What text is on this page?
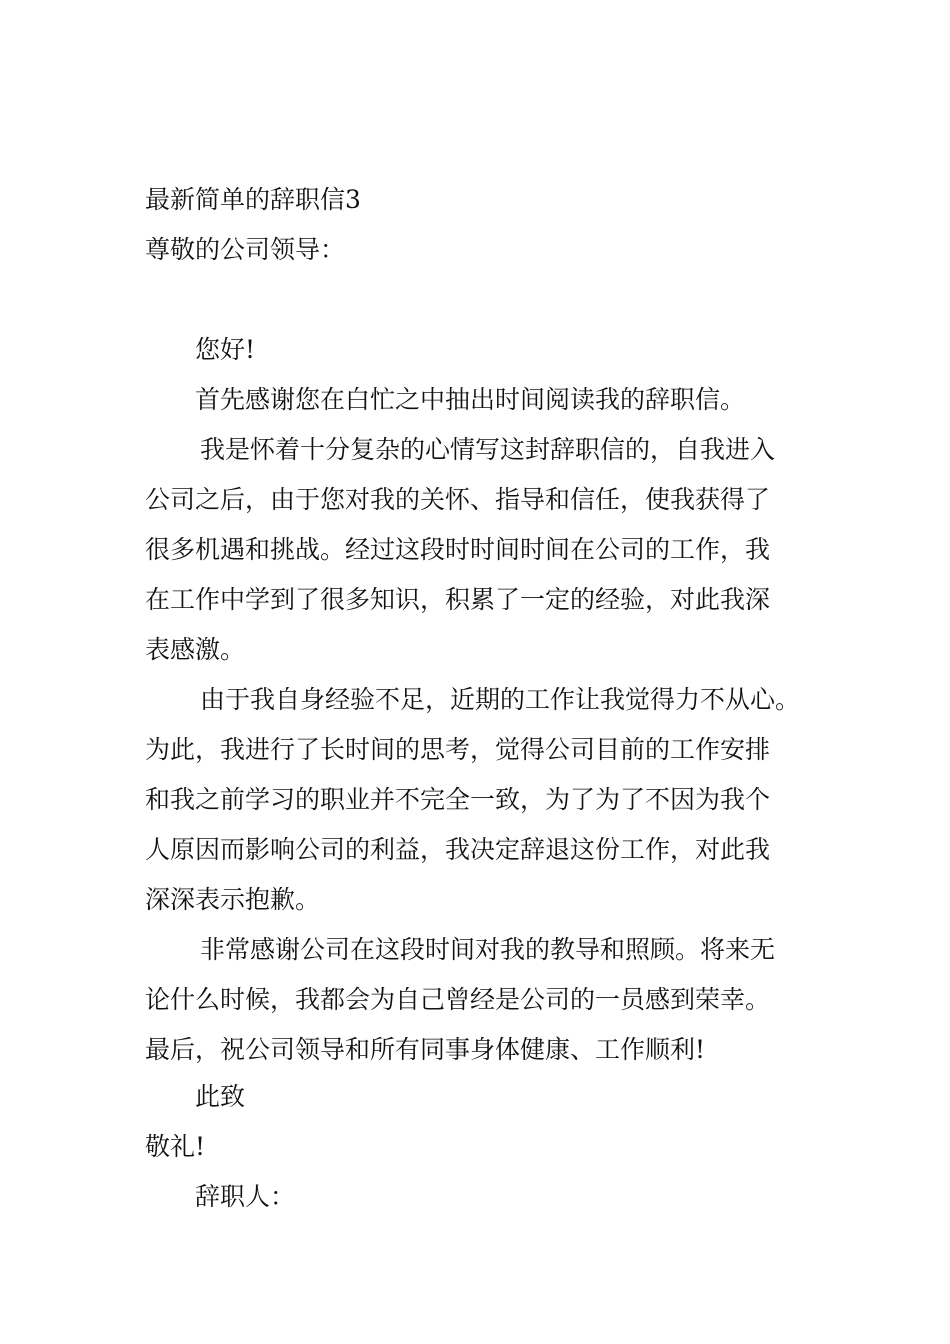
最新简单的辞职信3
尊敬的公司领导：
您好!
首先感谢您在白忙之中抽出时间阅读我的辞职信。
我是怀着十分复杂的心情写这封辞职信的，自我进入
公司之后，由于您对我的关怀、指导和信任，使我获得了
很多机遇和挑战。经过这段时时间时间在公司的工作，我
在工作中学到了很多知识，积累了一定的经验，对此我深
表感激。
由于我自身经验不足，近期的工作让我觉得力不从心。
为此，我进行了长时间的思考，觉得公司目前的工作安排
和我之前学习的职业并不完全一致，为了为了不因为我个
人原因而影响公司的利益，我决定辞退这份工作，对此我
深深表示抱歉。
非常感谢公司在这段时间对我的教导和照顾。将来无
论什么时候，我都会为自己曾经是公司的一员感到荣幸。
最后，祝公司领导和所有同事身体健康、工作顺利!
此致
敬礼!
辞职人：
